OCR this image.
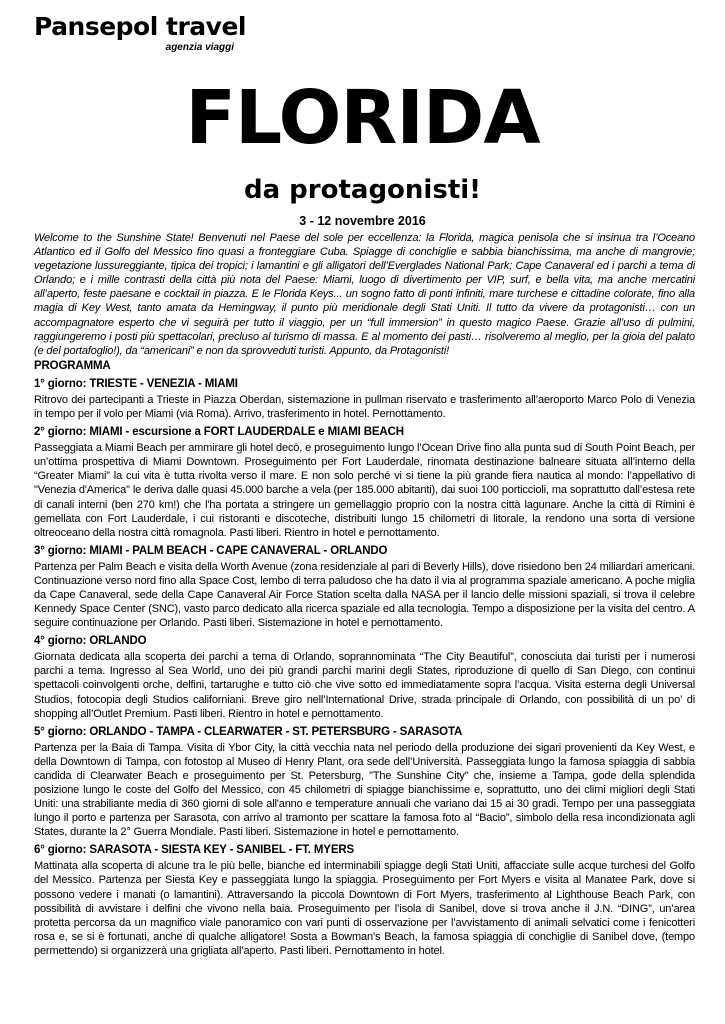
Pansepol travel
agenzia viaggi
FLORIDA
da protagonisti!
3 - 12 novembre 2016

Welcome to the Sunshine State! Benvenuti nel Paese del sole per eccellenza: la Florida, magica penisola che si insinua tra l’Oceano Atlantico ed il Golfo del Messico fino quasi a fronteggiare Cuba. Spiagge di conchiglie e sabbia bianchissima, ma anche di mangrovie; vegetazione lussureggiante, tipica dei tropici; i lamantini e gli alligatori dell’Everglades National Park; Cape Canaveral ed i parchi a tema di Orlando; e i mille contrasti della città più nota del Paese: Miami, luogo di divertimento per VIP, surf, e bella vita, ma anche mercatini all’aperto, feste paesane e cocktail in piazza. E le Florida Keys... un sogno fatto di ponti infiniti, mare turchese e cittadine colorate, fino alla magia di Key West, tanto amata da Hemingway, il punto più meridionale degli Stati Uniti. Il tutto da vivere da protagonisti… con un accompagnatore esperto che vi seguirà per tutto il viaggio, per un “full immersion” in questo magico Paese. Grazie all’uso di pulmini, raggiungeremo i posti più spettacolari, precluso al turismo di massa. E al momento dei pasti… risolveremo al meglio, per la gioia del palato (e del portafoglio!), da “americani” e non da sprovveduti turisti. Appunto, da Protagonisti!

PROGRAMMA
1° giorno: TRIESTE - VENEZIA - MIAMI

Ritrovo dei partecipanti a Trieste in Piazza Oberdan, sistemazione in pullman riservato e trasferimento all’aeroporto Marco Polo di Venezia in tempo per il volo per Miami (via Roma). Arrivo, trasferimento in hotel. Pernottamento.

2° giorno: MIAMI - escursione a FORT LAUDERDALE e MIAMI BEACH

Passeggiata a Miami Beach per ammirare gli hotel decò, e proseguimento lungo l’Ocean Drive fino alla punta sud di South Point Beach, per un’ottima prospettiva di Miami Downtown. Proseguimento per Fort Lauderdale, rinomata destinazione balneare situata all’interno della “Greater Miami” la cui vita è tutta rivolta verso il mare. E non solo perché vi si tiene la più grande fiera nautica al mondo: l’appellativo di "Venezia d'America" le deriva dalle quasi 45.000 barche a vela (per 185.000 abitanti), dai suoi 100 porticcioli, ma soprattutto dall’estesa rete di canali interni (ben 270 km!) che l'ha portata a stringere un gemellaggio proprio con la nostra città lagunare. Anche la città di Rimini è gemellata con Fort Lauderdale, i cui ristoranti e discoteche, distribuiti lungo 15 chilometri di litorale, la rendono una sorta di versione oltreoceano della nostra città romagnola. Pasti liberi. Rientro in hotel e pernottamento.

3° giorno: MIAMI - PALM BEACH - CAPE CANAVERAL - ORLANDO

Partenza per Palm Beach e visita della Worth Avenue (zona residenziale al pari di Beverly Hills), dove risiedono ben 24 miliardari americani. Continuazione verso nord fino alla Space Cost, lembo di terra paludoso che ha dato il via al programma spaziale americano. A poche miglia da Cape Canaveral, sede della Cape Canaveral Air Force Station scelta dalla NASA per il lancio delle missioni spaziali, si trova il celebre Kennedy Space Center (SNC), vasto parco dedicato alla ricerca spaziale ed alla tecnologia. Tempo a disposizione per la visita del centro. A seguire continuazione per Orlando. Pasti liberi. Sistemazione in hotel e pernottamento.

4° giorno: ORLANDO

Giornata dedicata alla scoperta dei parchi a tema di Orlando, soprannominata “The City Beautiful”, conosciuta dai turisti per i numerosi parchi a tema. Ingresso al Sea World, uno dei più grandi parchi marini degli States, riproduzione di quello di San Diego, con continui spettacoli coinvolgenti orche, delfini, tartarughe e tutto ciò che vive sotto ed immediatamente sopra l’acqua. Visita esterna degli Universal Studios, fotocopia degli Studios californiani. Breve giro nell’International Drive, strada principale di Orlando, con possibilità di un po’ di shopping all’Outlet Premium. Pasti liberi. Rientro in hotel e pernottamento.

5° giorno: ORLANDO - TAMPA - CLEARWATER - ST. PETERSBURG - SARASOTA

Partenza per la Baia di Tampa. Visita di Ybor City, la città vecchia nata nel periodo della produzione dei sigari provenienti da Key West, e della Downtown di Tampa, con fotostop al Museo di Henry Plant, ora sede dell’Università. Passeggiata lungo la famosa spiaggia di sabbia candida di Clearwater Beach e proseguimento per St. Petersburg, "The Sunshine City" che, insieme a Tampa, gode della splendida posizione lungo le coste del Golfo del Messico, con 45 chilometri di spiagge bianchissime e, soprattutto, uno dei climi migliori degli Stati Uniti: una strabiliante media di 360 giorni di sole all'anno e temperature annuali che variano dai 15 ai 30 gradi. Tempo per una passeggiata lungo il porto e partenza per Sarasota, con arrivo al tramonto per scattare la famosa foto al “Bacio”, simbolo della resa incondizionata agli States, durante la 2° Guerra Mondiale. Pasti liberi. Sistemazione in hotel e pernottamento.

6° giorno: SARASOTA - SIESTA KEY - SANIBEL - FT. MYERS

Mattinata alla scoperta di alcune tra le più belle, bianche ed interminabili spiagge degli Stati Uniti, affacciate sulle acque turchesi del Golfo del Messico. Partenza per Siesta Key e passeggiata lungo la spiaggia. Proseguimento per Fort Myers e visita al Manatee Park, dove si possono vedere i manati (o lamantini). Attraversando la piccola Downtown di Fort Myers, trasferimento al Lighthouse Beach Park, con possibilità di avvistare i delfini che vivono nella baia. Proseguimento per l’isola di Sanibel, dove si trova anche il J.N. “DING”, un’area protetta percorsa da un magnifico viale panoramico con vari punti di osservazione per l’avvistamento di animali selvatici come i fenicotteri rosa e, se si è fortunati, anche di qualche alligatore! Sosta a Bowman’s Beach, la famosa spiaggia di conchiglie di Sanibel dove, (tempo permettendo) si organizzerà una grigliata all’aperto. Pasti liberi. Pernottamento in hotel.
